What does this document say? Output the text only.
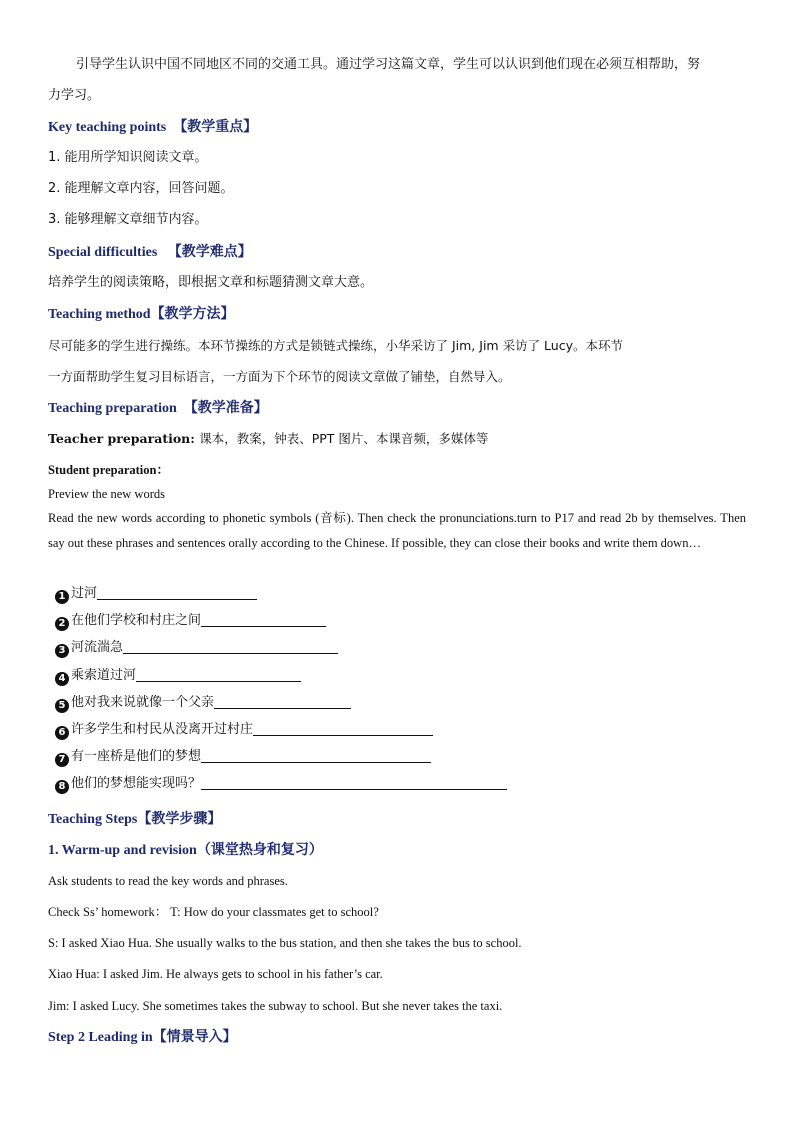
引导学生认识中国不同地区不同的交通工具。通过学习这篇文章，学生可以认识到他们现在必须互相帮助，努
力学习。
Key teaching points 【教学重点】
1. 能用所学知识阅读文章。
2. 能理解文章内容，回答问题。
3. 能够理解文章细节内容。
Special difficulties 【教学难点】
培养学生的阅读策略，即根据文章和标题猜测文章大意。
Teaching method【教学方法】
尽可能多的学生进行操练。本环节操练的方式是锁链式操练，小华采访了 Jim, Jim 采访了 Lucy。本环节
一方面帮助学生复习目标语言，一方面为下个环节的阅读文章做了铺垫，自然导入。
Teaching preparation 【教学准备】
Teacher preparation: 课本，教案，钟表、PPT 图片、本课音频，多媒体等
Student preparation：
Preview the new words
Read the new words according to phonetic symbols (音标). Then check the pronunciations.turn to P17 and read 2b by themselves. Then say out these phrases and sentences orally according to the Chinese. If possible, they can close their books and write them down…
1 过河
2 在他们学校和村庄之间
3 河流湍急
4 乘索道过河
5 他对我来说就像一个父亲
6 许多学生和村民从没离开过村庄
7 有一座桥是他们的梦想
8 他们的梦想能实现吗？
Teaching Steps【教学步骤】
1. Warm-up and revision（课堂热身和复习）
Ask students to read the key words and phrases.
Check Ss’ homework： T: How do your classmates get to school?
S: I asked Xiao Hua. She usually walks to the bus station, and then she takes the bus to school.
Xiao Hua: I asked Jim. He always gets to school in his father’s car.
Jim: I asked Lucy. She sometimes takes the subway to school. But she never takes the taxi.
Step 2 Leading in【情景导入】
